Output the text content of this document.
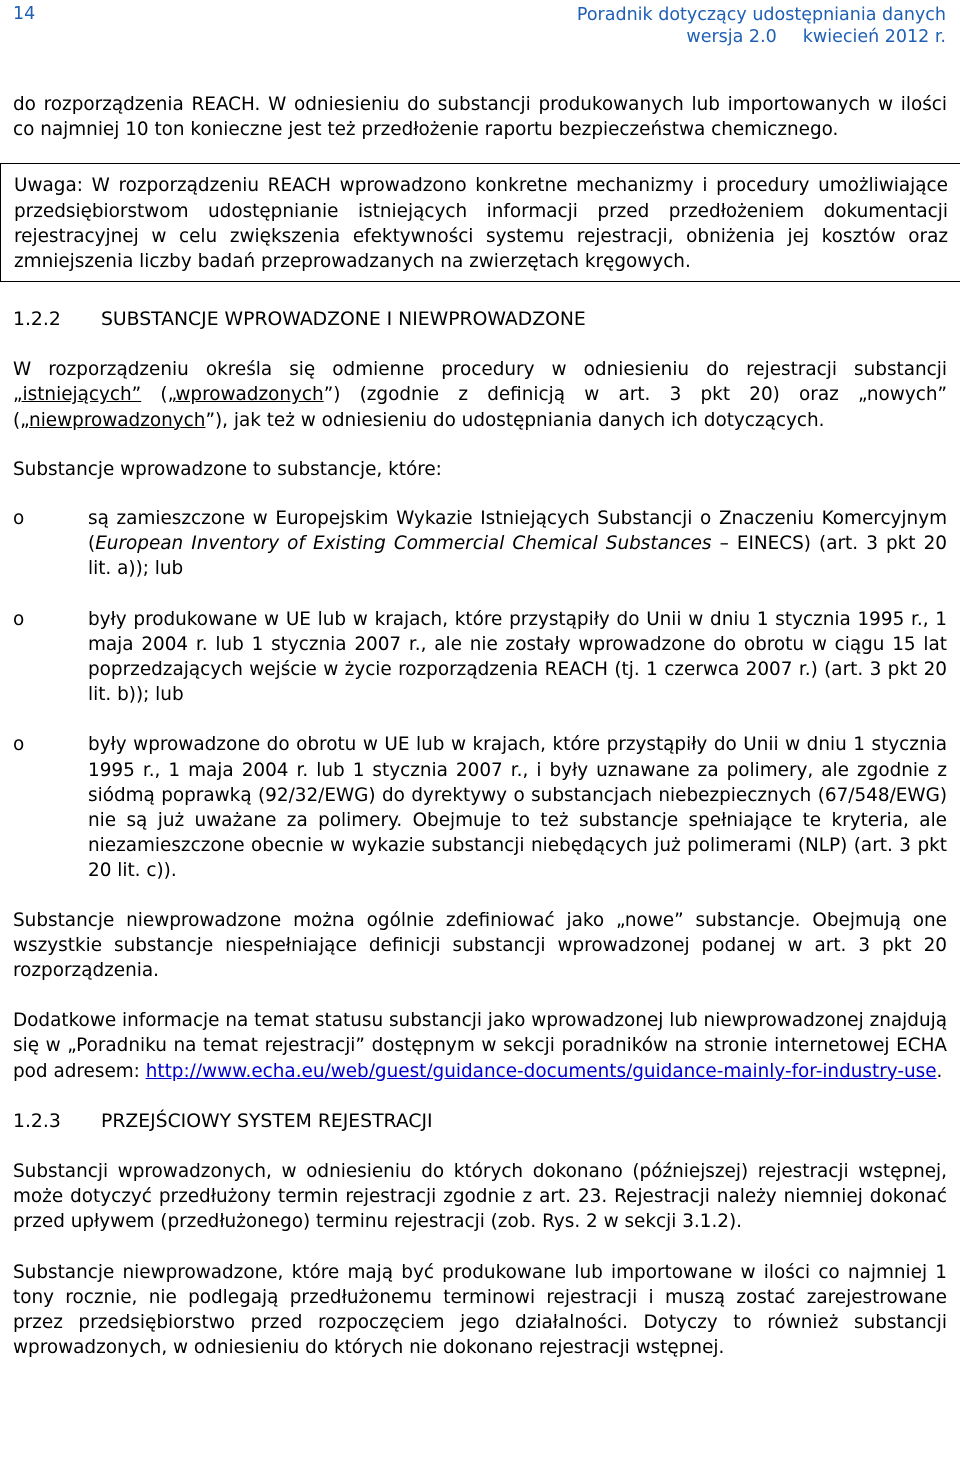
14	Poradnik dotyczący udostępniania danych
wersja 2.0 kwiecień 2012 r.

do rozporządzenia REACH. W odniesieniu do substancji produkowanych lub importowanych w ilości co najmniej 10 ton konieczne jest też przedłożenie raportu bezpieczeństwa chemicznego.

Uwaga: W rozporządzeniu REACH wprowadzono konkretne mechanizmy i procedury umożliwiające przedsiębiorstwom udostępnianie istniejących informacji przed przedłożeniem dokumentacji rejestracyjnej w celu zwiększenia efektywności systemu rejestracji, obniżenia jej kosztów oraz zmniejszenia liczby badań przeprowadzanych na zwierzętach kręgowych.

1.2.2 SUBSTANCJE WPROWADZONE I NIEWPROWADZONE

W rozporządzeniu określa się odmienne procedury w odniesieniu do rejestracji substancji „istniejących” („wprowadzonych”) (zgodnie z definicją w art. 3 pkt 20) oraz „nowych” („niewprowadzonych”), jak też w odniesieniu do udostępniania danych ich dotyczących.

Substancje wprowadzone to substancje, które:

o	są zamieszczone w Europejskim Wykazie Istniejących Substancji o Znaczeniu Komercyjnym (European Inventory of Existing Commercial Chemical Substances – EINECS) (art. 3 pkt 20 lit. a)); lub

o	były produkowane w UE lub w krajach, które przystąpiły do Unii w dniu 1 stycznia 1995 r., 1 maja 2004 r. lub 1 stycznia 2007 r., ale nie zostały wprowadzone do obrotu w ciągu 15 lat poprzedzających wejście w życie rozporządzenia REACH (tj. 1 czerwca 2007 r.) (art. 3 pkt 20 lit. b)); lub

o	były wprowadzone do obrotu w UE lub w krajach, które przystąpiły do Unii w dniu 1 stycznia 1995 r., 1 maja 2004 r. lub 1 stycznia 2007 r., i były uznawane za polimery, ale zgodnie z siódmą poprawką (92/32/EWG) do dyrektywy o substancjach niebezpiecznych (67/548/EWG) nie są już uważane za polimery. Obejmuje to też substancje spełniające te kryteria, ale niezamieszczone obecnie w wykazie substancji niebędących już polimerami (NLP) (art. 3 pkt 20 lit. c)).

Substancje niewprowadzone można ogólnie zdefiniować jako „nowe” substancje. Obejmują one wszystkie substancje niespełniające definicji substancji wprowadzonej podanej w art. 3 pkt 20 rozporządzenia.

Dodatkowe informacje na temat statusu substancji jako wprowadzonej lub niewprowadzonej znajdują się w „Poradniku na temat rejestracji” dostępnym w sekcji poradników na stronie internetowej ECHA pod adresem: http://www.echa.eu/web/guest/guidance-documents/guidance-mainly-for-industry-use.

1.2.3 PRZEJŚCIOWY SYSTEM REJESTRACJI

Substancji wprowadzonych, w odniesieniu do których dokonano (późniejszej) rejestracji wstępnej, może dotyczyć przedłużony termin rejestracji zgodnie z art. 23. Rejestracji należy niemniej dokonać przed upływem (przedłużonego) terminu rejestracji (zob. Rys. 2 w sekcji 3.1.2).

Substancje niewprowadzone, które mają być produkowane lub importowane w ilości co najmniej 1 tony rocznie, nie podlegają przedłużonemu terminowi rejestracji i muszą zostać zarejestrowane przez przedsiębiorstwo przed rozpoczęciem jego działalności. Dotyczy to również substancji wprowadzonych, w odniesieniu do których nie dokonano rejestracji wstępnej.
